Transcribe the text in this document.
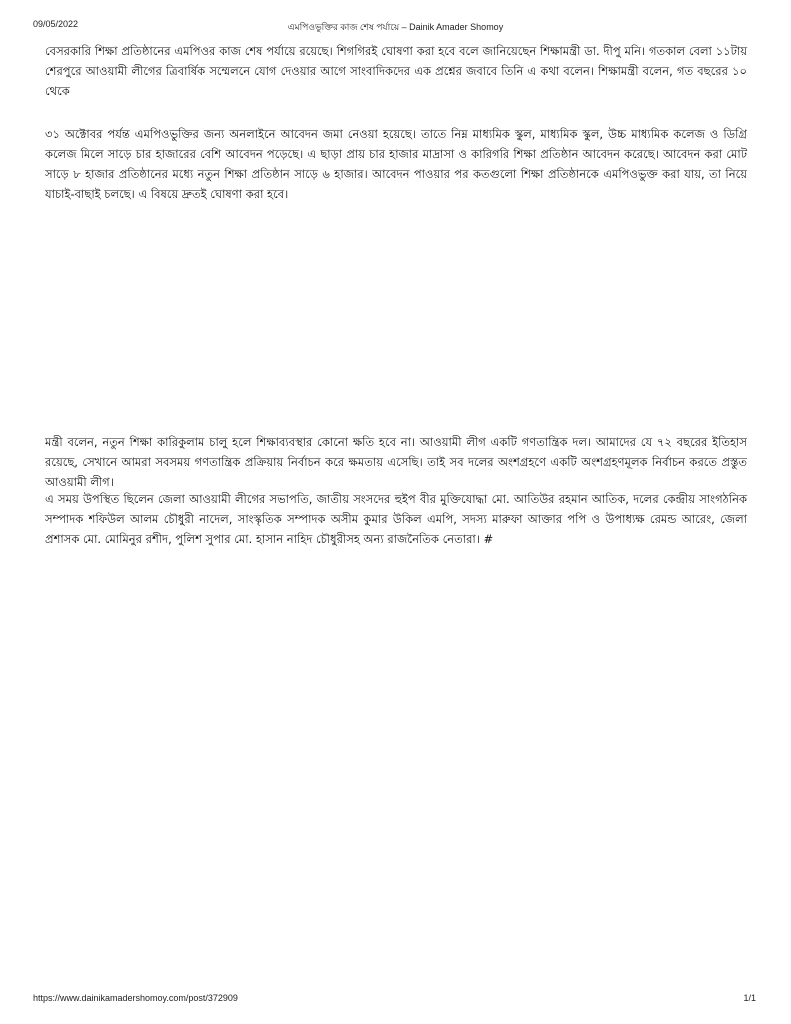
09/05/2022	এমপিওভুক্তির কাজ শেষ পর্যায়ে – Dainik Amader Shomoy

বেসরকারি শিক্ষা প্রতিষ্ঠানের এমপিওর কাজ শেষ পর্যায়ে রয়েছে। শিগগিরই ঘোষণা করা হবে বলে জানিয়েছেন শিক্ষামন্ত্রী ডা. দীপু মনি। গতকাল বেলা ১১টায় শেরপুরে আওয়ামী লীগের ত্রিবার্ষিক সম্মেলনে যোগ দেওয়ার আগে সাংবাদিকদের এক প্রশ্নের জবাবে তিনি এ কথা বলেন। শিক্ষামন্ত্রী বলেন, গত বছরের ১০ থেকে

৩১ অক্টোবর পর্যন্ত এমপিওভুক্তির জন্য অনলাইনে আবেদন জমা নেওয়া হয়েছে। তাতে নিম্ন মাধ্যমিক স্কুল, মাধ্যমিক স্কুল, উচ্চ মাধ্যমিক কলেজ ও ডিগ্রি কলেজ মিলে সাড়ে চার হাজারের বেশি আবেদন পড়েছে। এ ছাড়া প্রায় চার হাজার মাদ্রাসা ও কারিগরি শিক্ষা প্রতিষ্ঠান আবেদন করেছে। আবেদন করা মোট সাড়ে ৮ হাজার প্রতিষ্ঠানের মধ্যে নতুন শিক্ষা প্রতিষ্ঠান সাড়ে ৬ হাজার। আবেদন পাওয়ার পর কতগুলো শিক্ষা প্রতিষ্ঠানকে এমপিওভুক্ত করা যায়, তা নিয়ে যাচাই-বাছাই চলছে। এ বিষয়ে দ্রুতই ঘোষণা করা হবে।

মন্ত্রী বলেন, নতুন শিক্ষা কারিকুলাম চালু হলে শিক্ষাব্যবস্থার কোনো ক্ষতি হবে না। আওয়ামী লীগ একটি গণতান্ত্রিক দল। আমাদের যে ৭২ বছরের ইতিহাস রয়েছে, সেখানে আমরা সবসময় গণতান্ত্রিক প্রক্রিয়ায় নির্বাচন করে ক্ষমতায় এসেছি। তাই সব দলের অংশগ্রহণে একটি অংশগ্রহণমূলক নির্বাচন করতে প্রস্তুত আওয়ামী লীগ।

এ সময় উপস্থিত ছিলেন জেলা আওয়ামী লীগের সভাপতি, জাতীয় সংসদের হুইপ বীর মুক্তিযোদ্ধা মো. আতিউর রহমান আতিক, দলের কেন্দ্রীয় সাংগঠনিক সম্পাদক শফিউল আলম চৌধুরী নাদেল, সাংস্কৃতিক সম্পাদক অসীম কুমার উকিল এমপি, সদস্য মারুফা আক্তার পপি ও উপাধ্যক্ষ রেমন্ড আরেং, জেলা প্রশাসক মো. মোমিনুর রশীদ, পুলিশ সুপার মো. হাসান নাহিদ চৌধুরীসহ অন্য রাজনৈতিক নেতারা। #

https://www.dainikamadershomoy.com/post/372909	1/1
